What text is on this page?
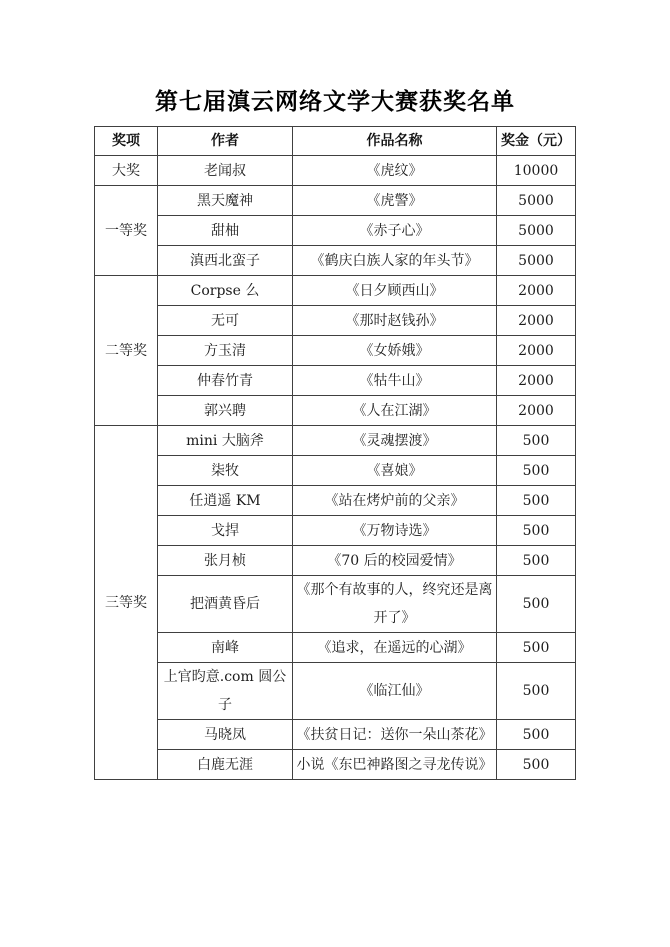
第七届滇云网络文学大赛获奖名单
奖项	作者	作品名称	奖金（元）
大奖	老闻叔	《虎纹》	10000
一等奖	黑天魔神	《虎警》	5000
	甜柚	《赤子心》	5000
	滇西北蛮子	《鹤庆白族人家的年头节》	5000
二等奖	Corpse 么	《日夕顾西山》	2000
	无可	《那时赵钱孙》	2000
	方玉清	《女娇娥》	2000
	仲春竹青	《牯牛山》	2000
	郭兴聘	《人在江湖》	2000
三等奖	mini 大脑斧	《灵魂摆渡》	500
	柒牧	《喜娘》	500
	任逍遥 KM	《站在烤炉前的父亲》	500
	戈捍	《万物诗选》	500
	张月桢	《70 后的校园爱情》	500
	把酒黄昏后	《那个有故事的人，终究还是离开了》	500
	南峰	《追求，在遥远的心湖》	500
	上官昀意.com 圆公子	《临江仙》	500
	马晓凤	《扶贫日记：送你一朵山茶花》	500
	白鹿无涯	小说《东巴神路图之寻龙传说》	500
